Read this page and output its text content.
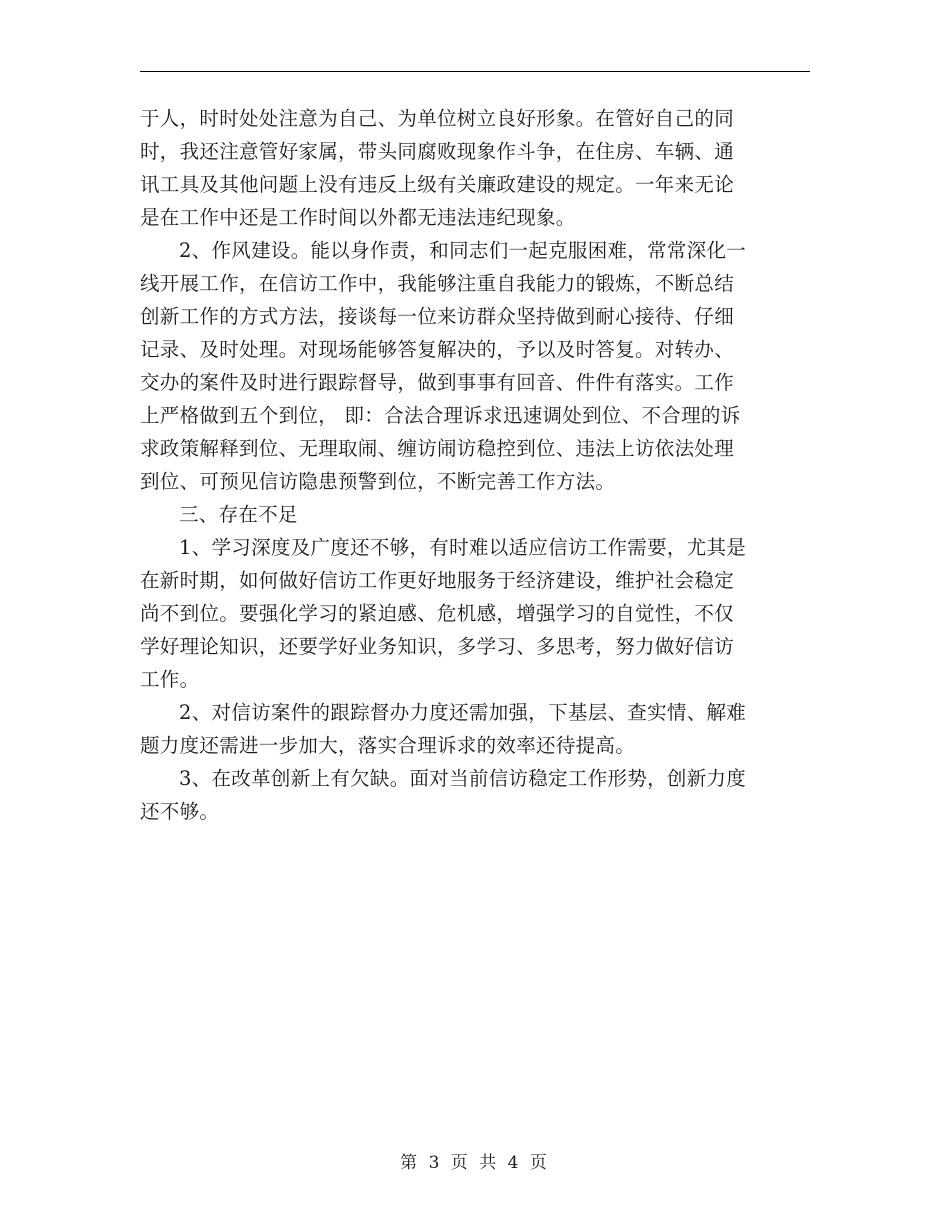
于人，时时处处注意为自己、为单位树立良好形象。在管好自己的同
时，我还注意管好家属，带头同腐败现象作斗争，在住房、车辆、通
讯工具及其他问题上没有违反上级有关廉政建设的规定。一年来无论
是在工作中还是工作时间以外都无违法违纪现象。

2、作风建设。能以身作责，和同志们一起克服困难，常常深化一
线开展工作，在信访工作中，我能够注重自我能力的锻炼，不断总结
创新工作的方式方法，接谈每一位来访群众坚持做到耐心接待、仔细
记录、及时处理。对现场能够答复解决的，予以及时答复。对转办、
交办的案件及时进行跟踪督导，做到事事有回音、件件有落实。工作
上严格做到五个到位， 即：合法合理诉求迅速调处到位、不合理的诉
求政策解释到位、无理取闹、缠访闹访稳控到位、违法上访依法处理
到位、可预见信访隐患预警到位，不断完善工作方法。

三、存在不足

1、学习深度及广度还不够，有时难以适应信访工作需要，尤其是
在新时期，如何做好信访工作更好地服务于经济建设，维护社会稳定
尚不到位。要强化学习的紧迫感、危机感，增强学习的自觉性，不仅
学好理论知识，还要学好业务知识，多学习、多思考，努力做好信访
工作。

2、对信访案件的跟踪督办力度还需加强，下基层、查实情、解难
题力度还需进一步加大，落实合理诉求的效率还待提高。

3、在改革创新上有欠缺。面对当前信访稳定工作形势，创新力度
还不够。

第 3 页 共 4 页
